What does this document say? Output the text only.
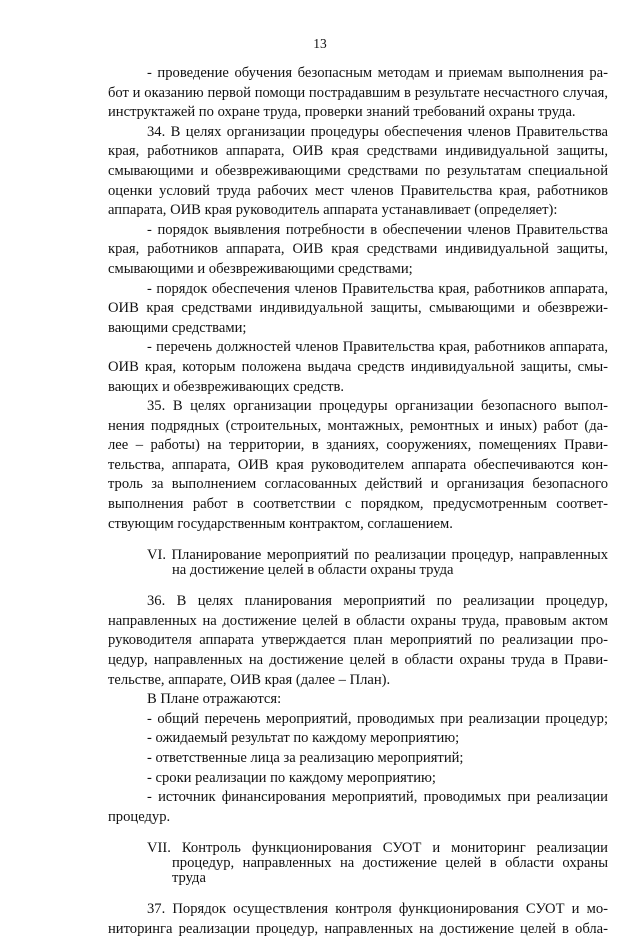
13
- проведение обучения безопасным методам и приемам выполнения ра-
бот и оказанию первой помощи пострадавшим в результате несчастного случая,
инструктажей по охране труда, проверки знаний требований охраны труда.
34. В целях организации процедуры обеспечения членов Правительства
края, работников аппарата, ОИВ края средствами индивидуальной защиты,
смывающими и обезвреживающими средствами по результатам специальной
оценки условий труда рабочих мест членов Правительства края, работников
аппарата, ОИВ края руководитель аппарата устанавливает (определяет):
- порядок выявления потребности в обеспечении членов Правительства
края, работников аппарата, ОИВ края средствами индивидуальной защиты,
смывающими и обезвреживающими средствами;
- порядок обеспечения членов Правительства края, работников аппарата,
ОИВ края средствами индивидуальной защиты, смывающими и обезврежи-
вающими средствами;
- перечень должностей членов Правительства края, работников аппарата,
ОИВ края, которым положена выдача средств индивидуальной защиты, смы-
вающих и обезвреживающих средств.
35. В целях организации процедуры организации безопасного выпол-
нения подрядных (строительных, монтажных, ремонтных и иных) работ (да-
лее – работы) на территории, в зданиях, сооружениях, помещениях Прави-
тельства, аппарата, ОИВ края руководителем аппарата обеспечиваются кон-
троль за выполнением согласованных действий и организация безопасного
выполнения работ в соответствии с порядком, предусмотренным соответ-
ствующим государственным контрактом, соглашением.
VI. Планирование мероприятий по реализации процедур, направленных
на достижение целей в области охраны труда
36. В целях планирования мероприятий по реализации процедур,
направленных на достижение целей в области охраны труда, правовым актом
руководителя аппарата утверждается план мероприятий по реализации про-
цедур, направленных на достижение целей в области охраны труда в Прави-
тельстве, аппарате, ОИВ края (далее – План).
В Плане отражаются:
- общий перечень мероприятий, проводимых при реализации процедур;
- ожидаемый результат по каждому мероприятию;
- ответственные лица за реализацию мероприятий;
- сроки реализации по каждому мероприятию;
- источник финансирования мероприятий, проводимых при реализации
процедур.
VII. Контроль функционирования СУОТ и мониторинг реализации
процедур, направленных на достижение целей в области охраны
труда
37. Порядок осуществления контроля функционирования СУОТ и мо-
ниторинга реализации процедур, направленных на достижение целей в обла-
